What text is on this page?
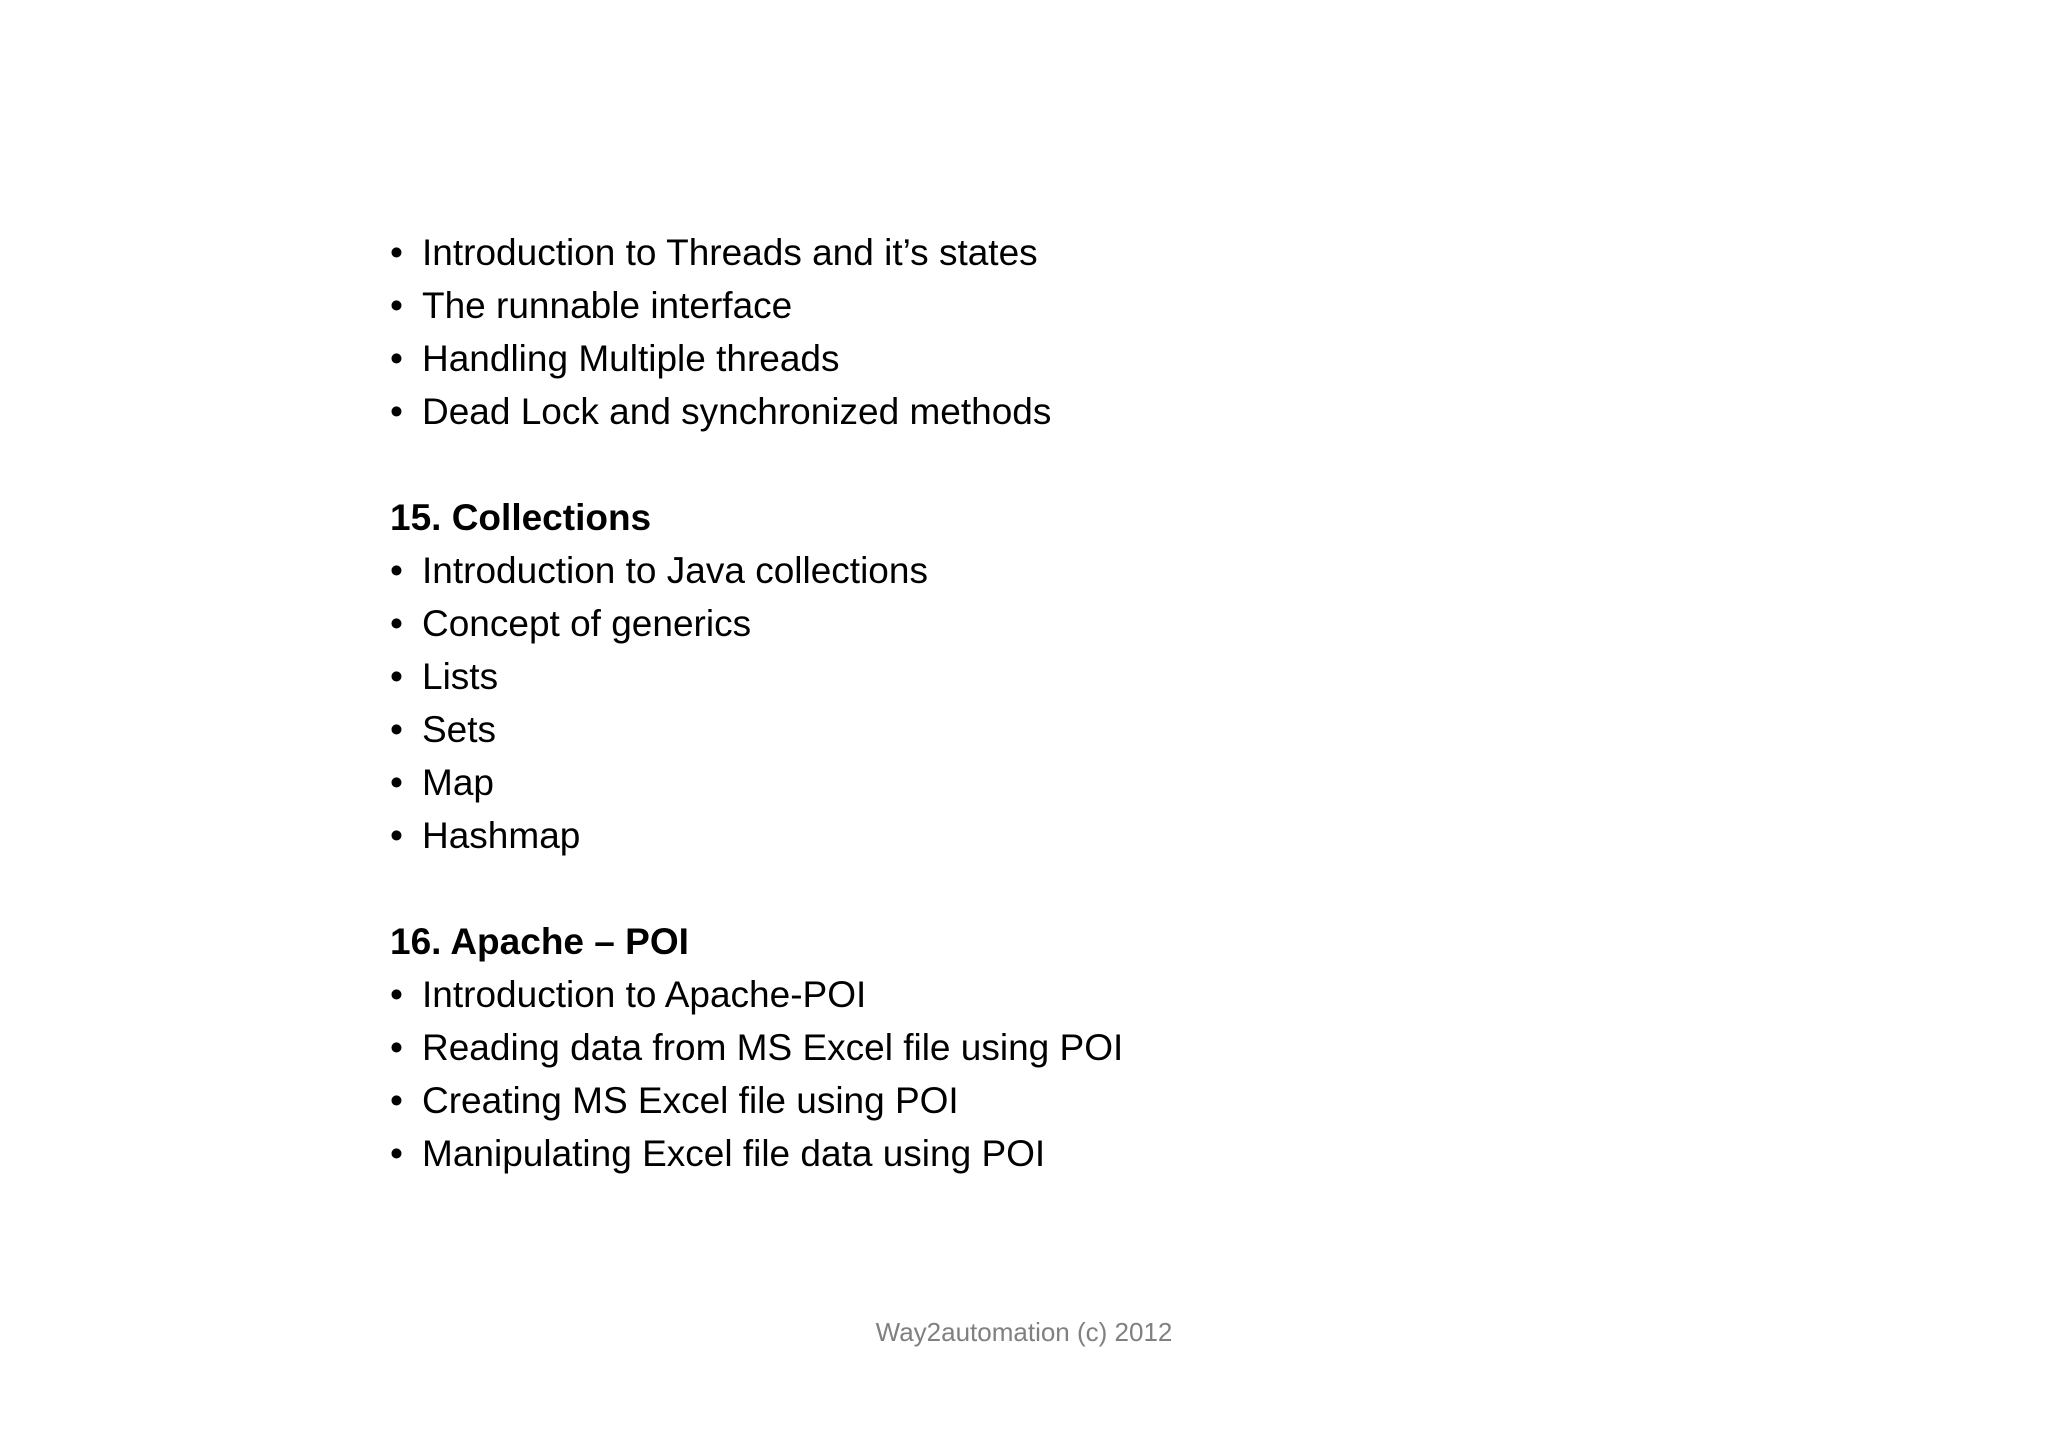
• Introduction to Threads and it’s states
• The runnable interface
• Handling Multiple threads
• Dead Lock and synchronized methods
15. Collections
• Introduction to Java collections
• Concept of generics
• Lists
• Sets
• Map
• Hashmap
16. Apache – POI
• Introduction to Apache-POI
• Reading data from MS Excel file using POI
• Creating MS Excel file using POI
• Manipulating Excel file data using POI
Way2automation (c) 2012
